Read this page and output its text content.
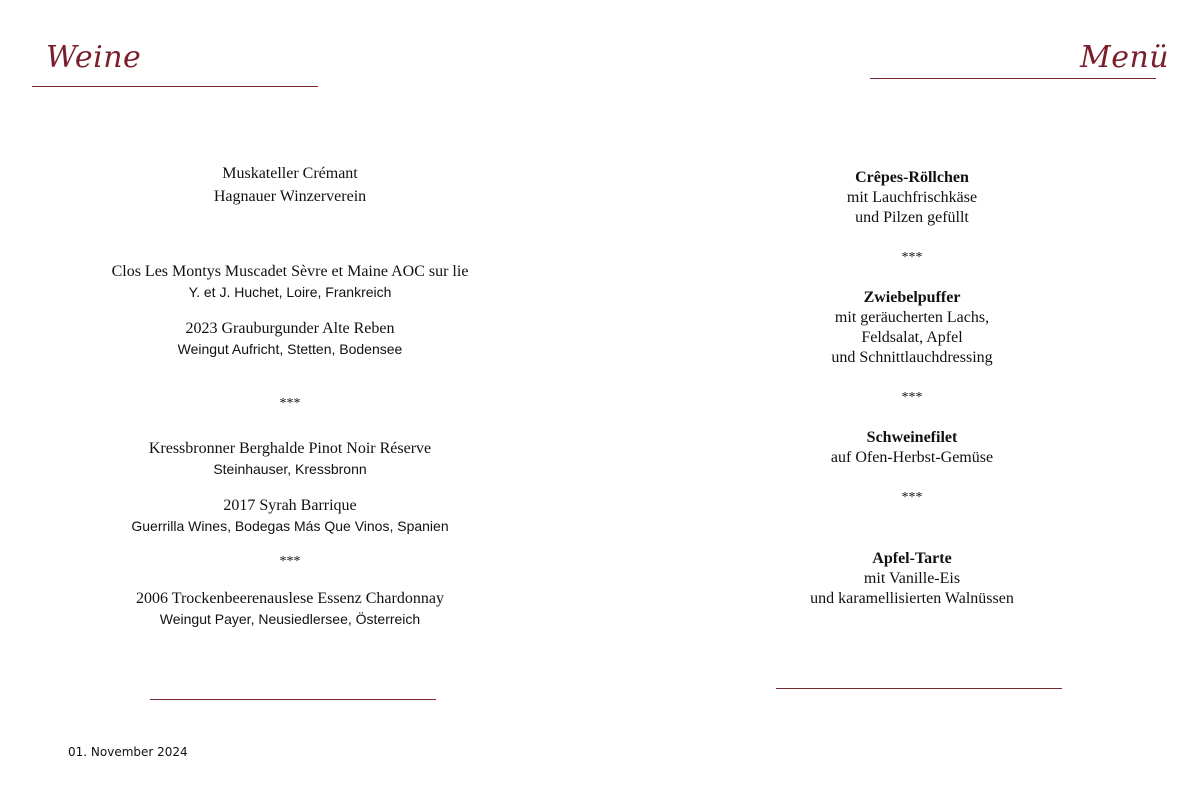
Weine	Menü
Muskateller Crémant
Hagnauer Winzerverein
Clos Les Montys Muscadet Sèvre et Maine AOC sur lie
Y. et J. Huchet, Loire, Frankreich
2023 Grauburgunder Alte Reben
Weingut Aufricht, Stetten, Bodensee
***
Kressbronner Berghalde Pinot Noir Réserve
Steinhauser, Kressbronn
2017 Syrah Barrique
Guerrilla Wines, Bodegas Más Que Vinos, Spanien
***
2006 Trockenbeerenauslese Essenz Chardonnay
Weingut Payer, Neusiedlersee, Österreich
Crêpes-Röllchen
mit Lauchfrischkäse
und Pilzen gefüllt
***
Zwiebelpuffer
mit geräucherten Lachs,
Feldsalat, Apfel
und Schnittlauchdressing
***
Schweinefilet
auf Ofen-Herbst-Gemüse
***
Apfel-Tarte
mit Vanille-Eis
und karamellisierten Walnüssen
01. November 2024
